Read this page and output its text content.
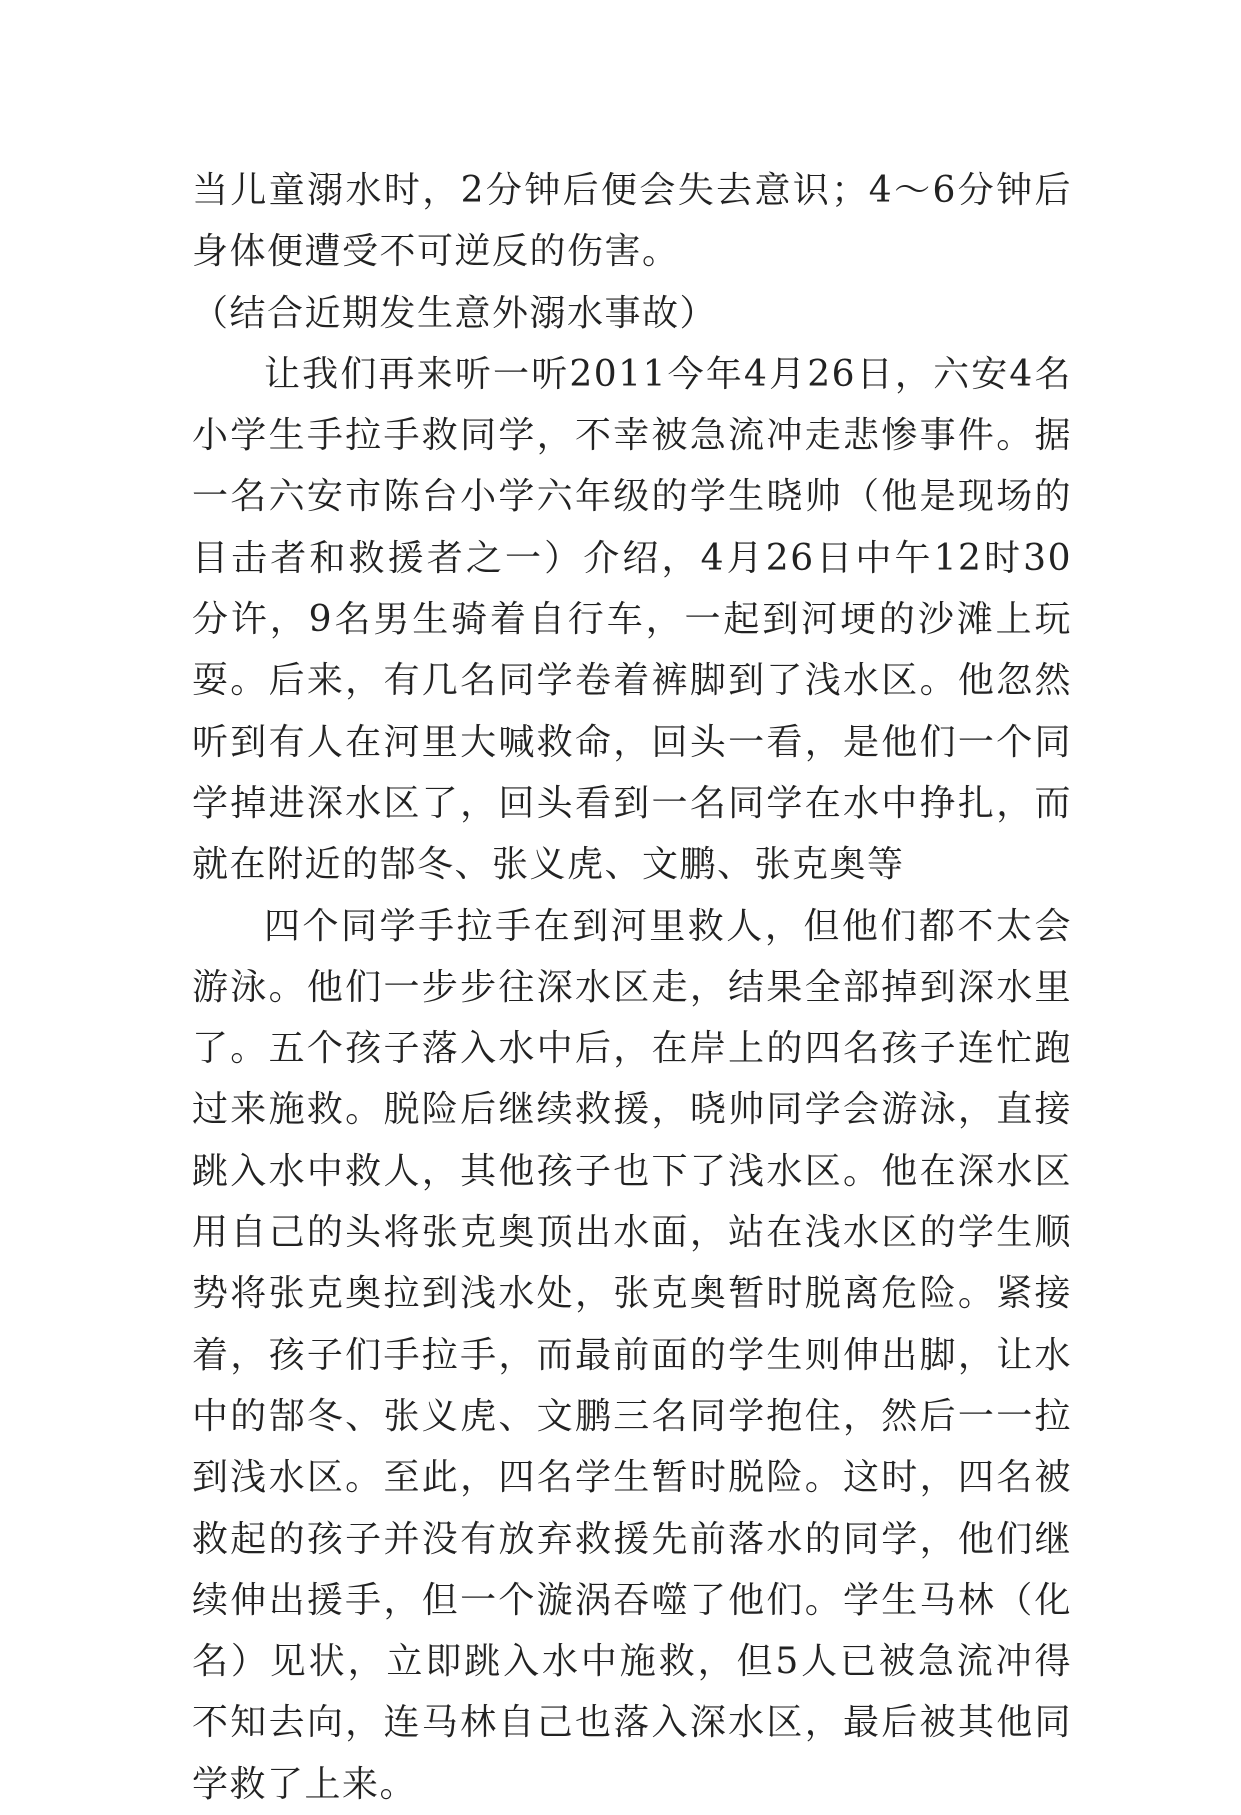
当儿童溺水时，2分钟后便会失去意识；4～6分钟后身体便遭受不可逆反的伤害。

（结合近期发生意外溺水事故）

让我们再来听一听2011今年4月26日，六安4名小学生手拉手救同学，不幸被急流冲走悲惨事件。据一名六安市陈台小学六年级的学生晓帅（他是现场的目击者和救援者之一）介绍，4月26日中午12时30分许，9名男生骑着自行车，一起到河埂的沙滩上玩耍。后来，有几名同学卷着裤脚到了浅水区。他忽然听到有人在河里大喊救命，回头一看，是他们一个同学掉进深水区了，回头看到一名同学在水中挣扎，而就在附近的郜冬、张义虎、文鹏、张克奥等

四个同学手拉手在到河里救人，但他们都不太会游泳。他们一步步往深水区走，结果全部掉到深水里了。五个孩子落入水中后，在岸上的四名孩子连忙跑过来施救。脱险后继续救援，晓帅同学会游泳，直接跳入水中救人，其他孩子也下了浅水区。他在深水区用自己的头将张克奥顶出水面，站在浅水区的学生顺势将张克奥拉到浅水处，张克奥暂时脱离危险。紧接着，孩子们手拉手，而最前面的学生则伸出脚，让水中的郜冬、张义虎、文鹏三名同学抱住，然后一一拉到浅水区。至此，四名学生暂时脱险。这时，四名被救起的孩子并没有放弃救援先前落水的同学，他们继续伸出援手，但一个漩涡吞噬了他们。学生马林（化名）见状，立即跳入水中施救，但5人已被急流冲得不知去向，连马林自己也落入深水区，最后被其他同学救了上来。
